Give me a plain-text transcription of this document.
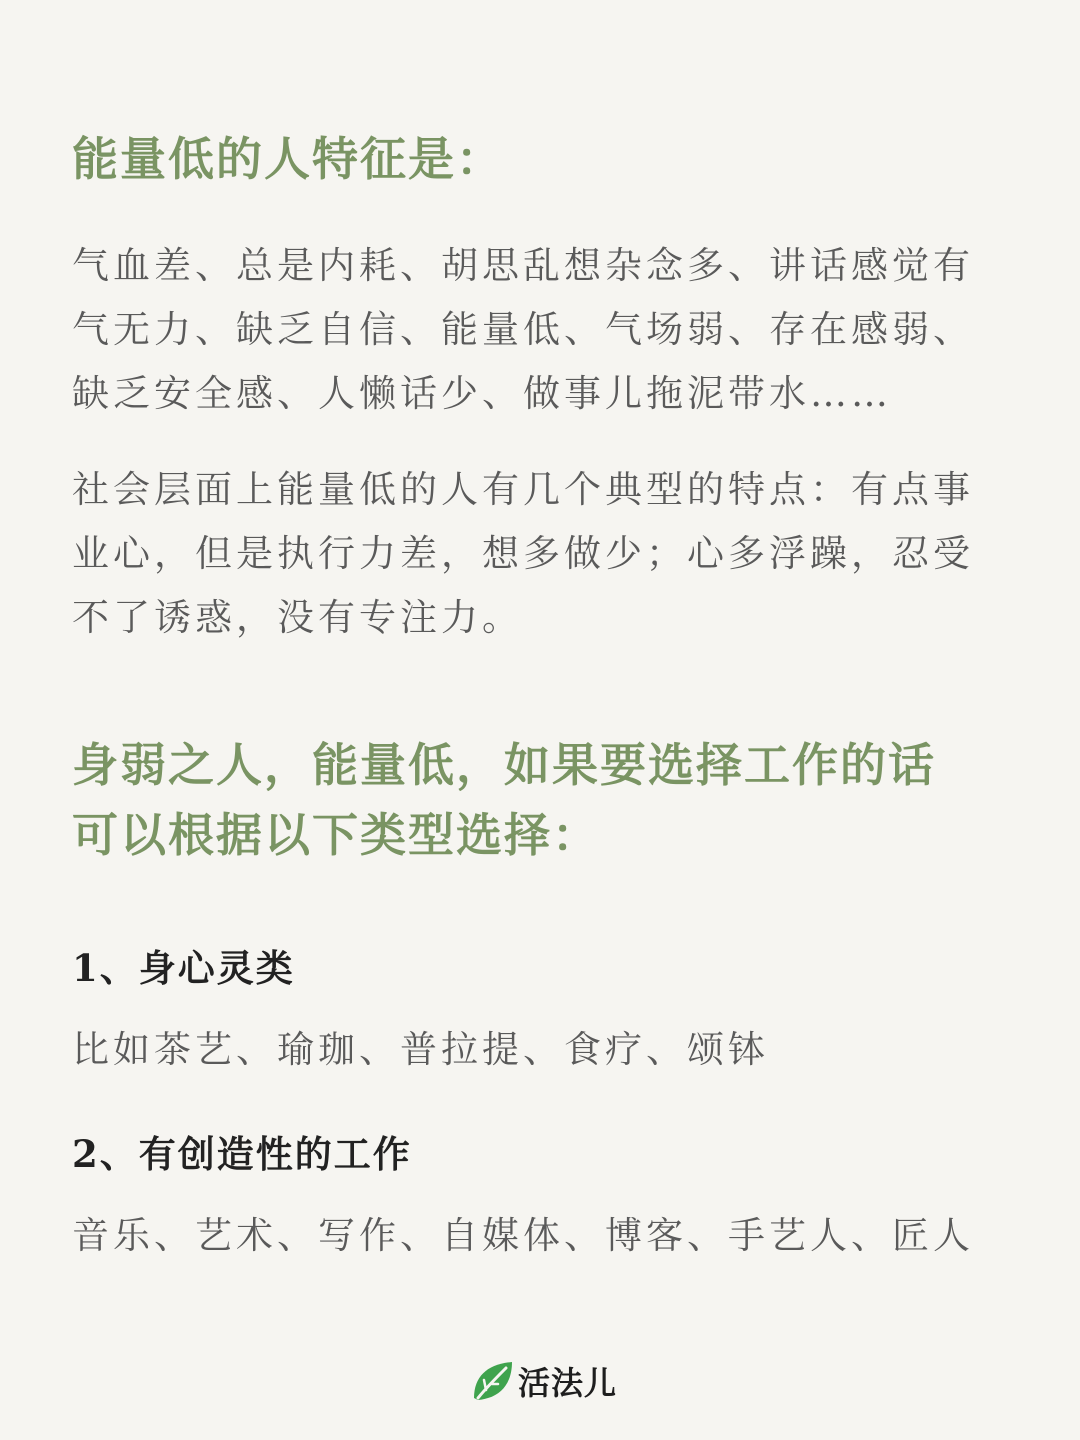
能量低的人特征是：

气血差、总是内耗、胡思乱想杂念多、讲话感觉有气无力、缺乏自信、能量低、气场弱、存在感弱、缺乏安全感、人懒话少、做事儿拖泥带水……

社会层面上能量低的人有几个典型的特点：有点事业心，但是执行力差，想多做少；心多浮躁，忍受不了诱惑，没有专注力。

身弱之人，能量低，如果要选择工作的话
可以根据以下类型选择：
1、身心灵类

比如茶艺、瑜珈、普拉提、食疗、颂钵

2、有创造性的工作

音乐、艺术、写作、自媒体、博客、手艺人、匠人

活法儿
